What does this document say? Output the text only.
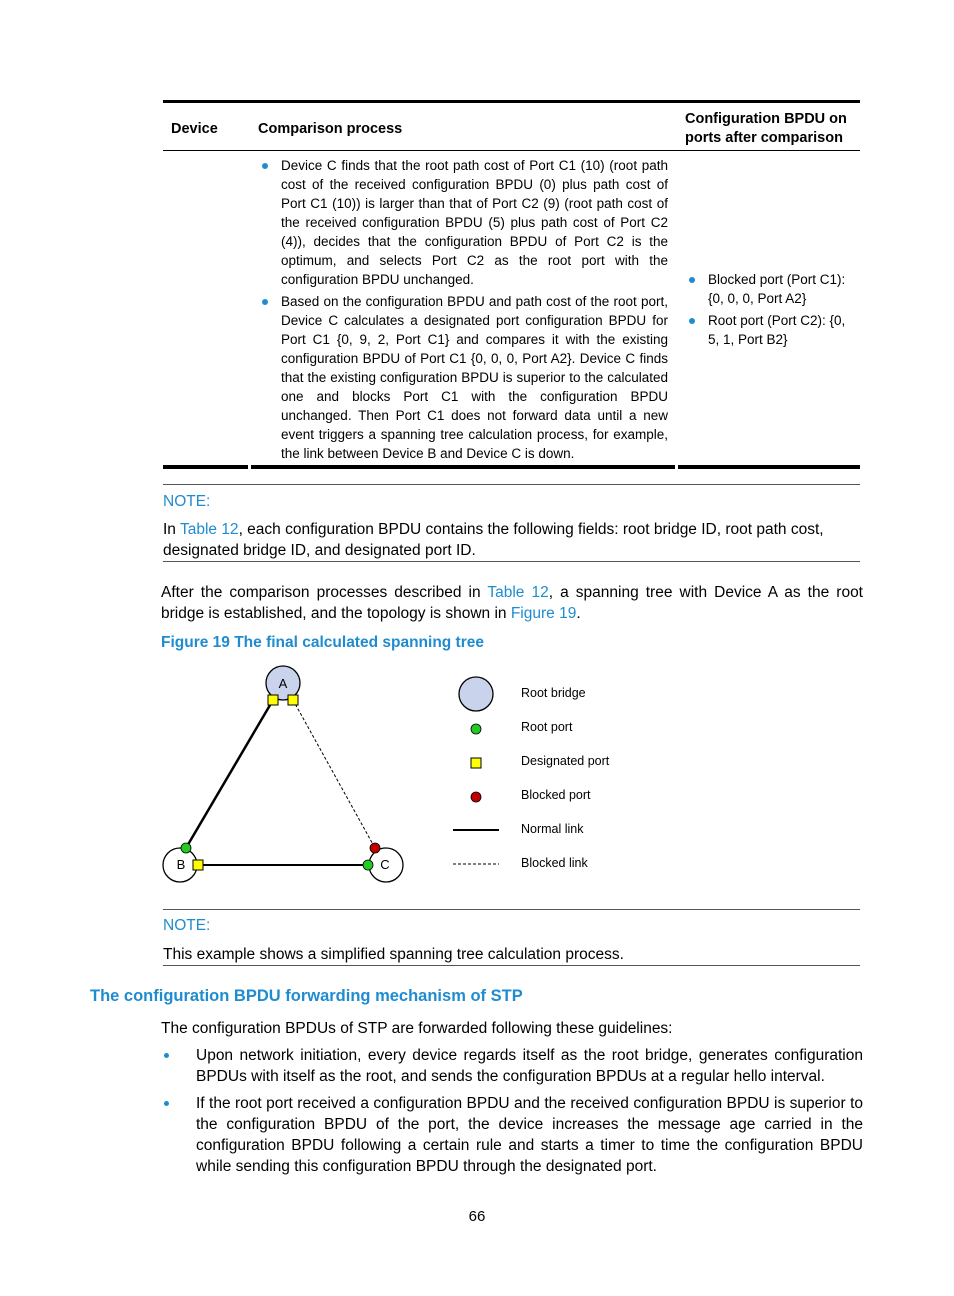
Device	Comparison process
Configuration BPDU on
ports after comparison
Device C finds that the root path cost of Port C1 (10) (root path cost of the received configuration BPDU (0) plus path cost of Port C1 (10)) is larger than that of Port C2 (9) (root path cost of the received configuration BPDU (5) plus path cost of Port C2 (4)), decides that the configuration BPDU of Port C2 is the optimum, and selects Port C2 as the root port with the configuration BPDU unchanged.
Based on the configuration BPDU and path cost of the root port, Device C calculates a designated port configuration BPDU for Port C1 {0, 9, 2, Port C1} and compares it with the existing configuration BPDU of Port C1 {0, 0, 0, Port A2}. Device C finds that the existing configuration BPDU is superior to the calculated one and blocks Port C1 with the configuration BPDU unchanged. Then Port C1 does not forward data until a new event triggers a spanning tree calculation process, for example, the link between Device B and Device C is down.
Blocked port (Port C1): {0, 0, 0, Port A2}
Root port (Port C2): {0, 5, 1, Port B2}
NOTE:
In Table 12, each configuration BPDU contains the following fields: root bridge ID, root path cost, designated bridge ID, and designated port ID.
After the comparison processes described in Table 12, a spanning tree with Device A as the root bridge is established, and the topology is shown in Figure 19.
Figure 19 The final calculated spanning tree
A
B	C
Root bridge
Root port
Designated port
Blocked port
Normal link
Blocked link
NOTE:
This example shows a simplified spanning tree calculation process.
The configuration BPDU forwarding mechanism of STP
The configuration BPDUs of STP are forwarded following these guidelines:
Upon network initiation, every device regards itself as the root bridge, generates configuration BPDUs with itself as the root, and sends the configuration BPDUs at a regular hello interval.
If the root port received a configuration BPDU and the received configuration BPDU is superior to the configuration BPDU of the port, the device increases the message age carried in the configuration BPDU following a certain rule and starts a timer to time the configuration BPDU while sending this configuration BPDU through the designated port.
66
